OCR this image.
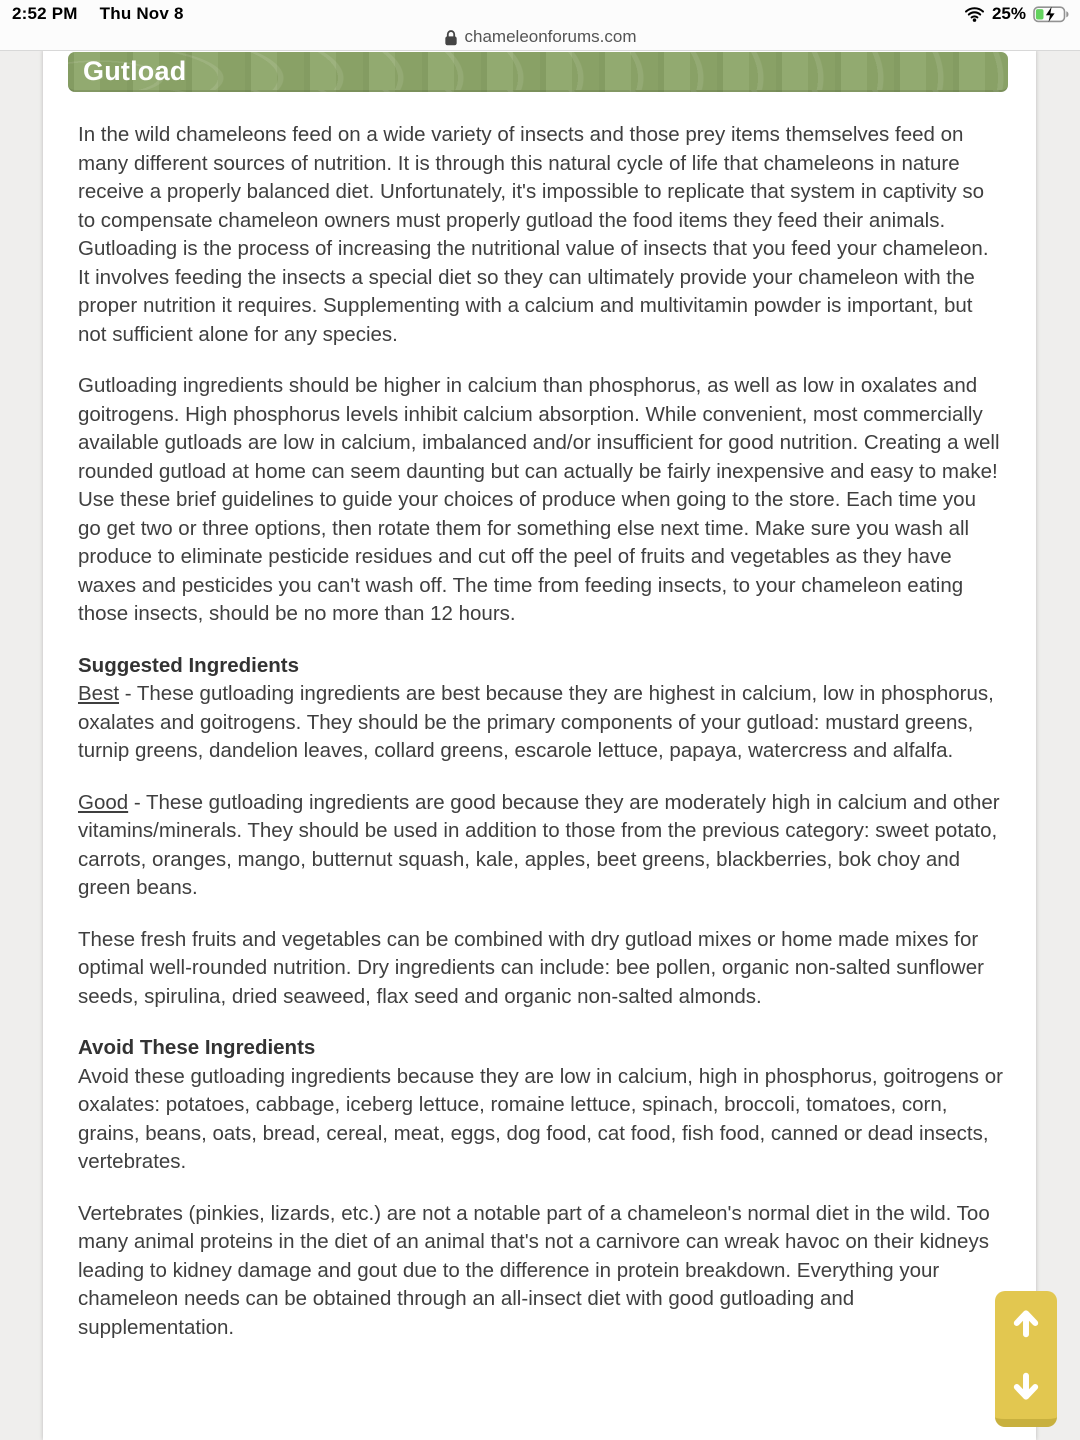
2:52 PM Thu Nov 8	25%
chameleonforums.com
Gutload

In the wild chameleons feed on a wide variety of insects and those prey items themselves feed on many different sources of nutrition. It is through this natural cycle of life that chameleons in nature receive a properly balanced diet. Unfortunately, it's impossible to replicate that system in captivity so to compensate chameleon owners must properly gutload the food items they feed their animals. Gutloading is the process of increasing the nutritional value of insects that you feed your chameleon. It involves feeding the insects a special diet so they can ultimately provide your chameleon with the proper nutrition it requires. Supplementing with a calcium and multivitamin powder is important, but not sufficient alone for any species.

Gutloading ingredients should be higher in calcium than phosphorus, as well as low in oxalates and goitrogens. High phosphorus levels inhibit calcium absorption. While convenient, most commercially available gutloads are low in calcium, imbalanced and/or insufficient for good nutrition. Creating a well rounded gutload at home can seem daunting but can actually be fairly inexpensive and easy to make! Use these brief guidelines to guide your choices of produce when going to the store. Each time you go get two or three options, then rotate them for something else next time. Make sure you wash all produce to eliminate pesticide residues and cut off the peel of fruits and vegetables as they have waxes and pesticides you can't wash off. The time from feeding insects, to your chameleon eating those insects, should be no more than 12 hours.

Suggested Ingredients

Best - These gutloading ingredients are best because they are highest in calcium, low in phosphorus, oxalates and goitrogens. They should be the primary components of your gutload: mustard greens, turnip greens, dandelion leaves, collard greens, escarole lettuce, papaya, watercress and alfalfa.

Good - These gutloading ingredients are good because they are moderately high in calcium and other vitamins/minerals. They should be used in addition to those from the previous category: sweet potato, carrots, oranges, mango, butternut squash, kale, apples, beet greens, blackberries, bok choy and green beans.

These fresh fruits and vegetables can be combined with dry gutload mixes or home made mixes for optimal well-rounded nutrition. Dry ingredients can include: bee pollen, organic non-salted sunflower seeds, spirulina, dried seaweed, flax seed and organic non-salted almonds.

Avoid These Ingredients

Avoid these gutloading ingredients because they are low in calcium, high in phosphorus, goitrogens or oxalates: potatoes, cabbage, iceberg lettuce, romaine lettuce, spinach, broccoli, tomatoes, corn, grains, beans, oats, bread, cereal, meat, eggs, dog food, cat food, fish food, canned or dead insects, vertebrates.

Vertebrates (pinkies, lizards, etc.) are not a notable part of a chameleon's normal diet in the wild. Too many animal proteins in the diet of an animal that's not a carnivore can wreak havoc on their kidneys leading to kidney damage and gout due to the difference in protein breakdown. Everything your chameleon needs can be obtained through an all-insect diet with good gutloading and supplementation.
